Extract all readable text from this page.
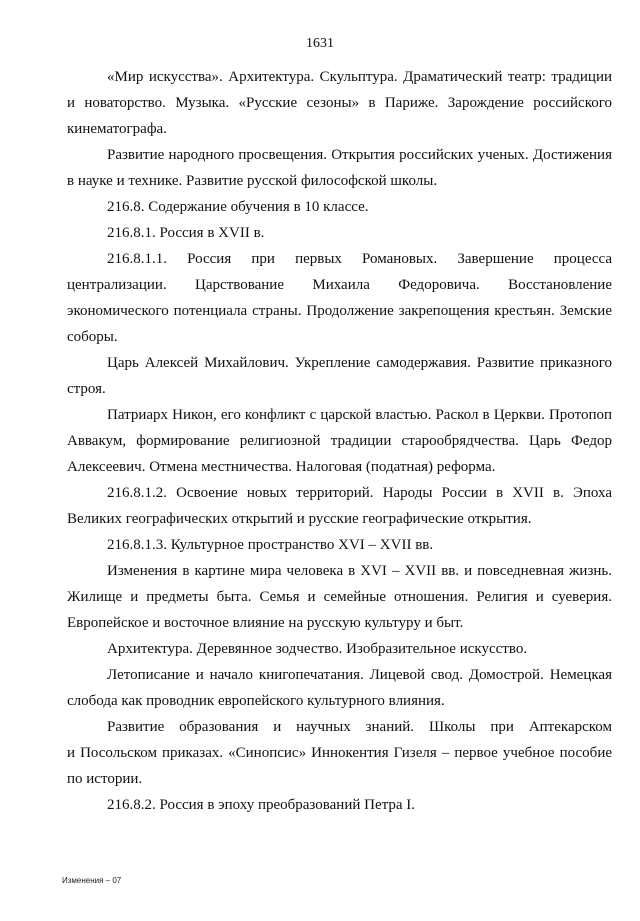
1631
«Мир искусства». Архитектура. Скульптура. Драматический театр: традиции
и новаторство. Музыка. «Русские сезоны» в Париже. Зарождение российского
кинематографа.
Развитие народного просвещения. Открытия российских ученых. Достижения
в науке и технике. Развитие русской философской школы.
216.8. Содержание обучения в 10 классе.
216.8.1. Россия в XVII в.
216.8.1.1. Россия при первых Романовых. Завершение процесса
централизации. Царствование Михаила Федоровича. Восстановление
экономического потенциала страны. Продолжение закрепощения крестьян. Земские
соборы.
Царь Алексей Михайлович. Укрепление самодержавия. Развитие приказного
строя.
Патриарх Никон, его конфликт с царской властью. Раскол в Церкви. Протопоп
Аввакум, формирование религиозной традиции старообрядчества. Царь Федор
Алексеевич. Отмена местничества. Налоговая (податная) реформа.
216.8.1.2. Освоение новых территорий. Народы России в XVII в. Эпоха
Великих географических открытий и русские географические открытия.
216.8.1.3. Культурное пространство XVI – XVII вв.
Изменения в картине мира человека в XVI – XVII вв. и повседневная жизнь.
Жилище и предметы быта. Семья и семейные отношения. Религия и суеверия.
Европейское и восточное влияние на русскую культуру и быт.
Архитектура. Деревянное зодчество. Изобразительное искусство.
Летописание и начало книгопечатания. Лицевой свод. Домострой. Немецкая
слобода как проводник европейского культурного влияния.
Развитие образования и научных знаний. Школы при Аптекарском
и Посольском приказах. «Синопсис» Иннокентия Гизеля – первое учебное пособие
по истории.
216.8.2. Россия в эпоху преобразований Петра I.
Изменения – 07
